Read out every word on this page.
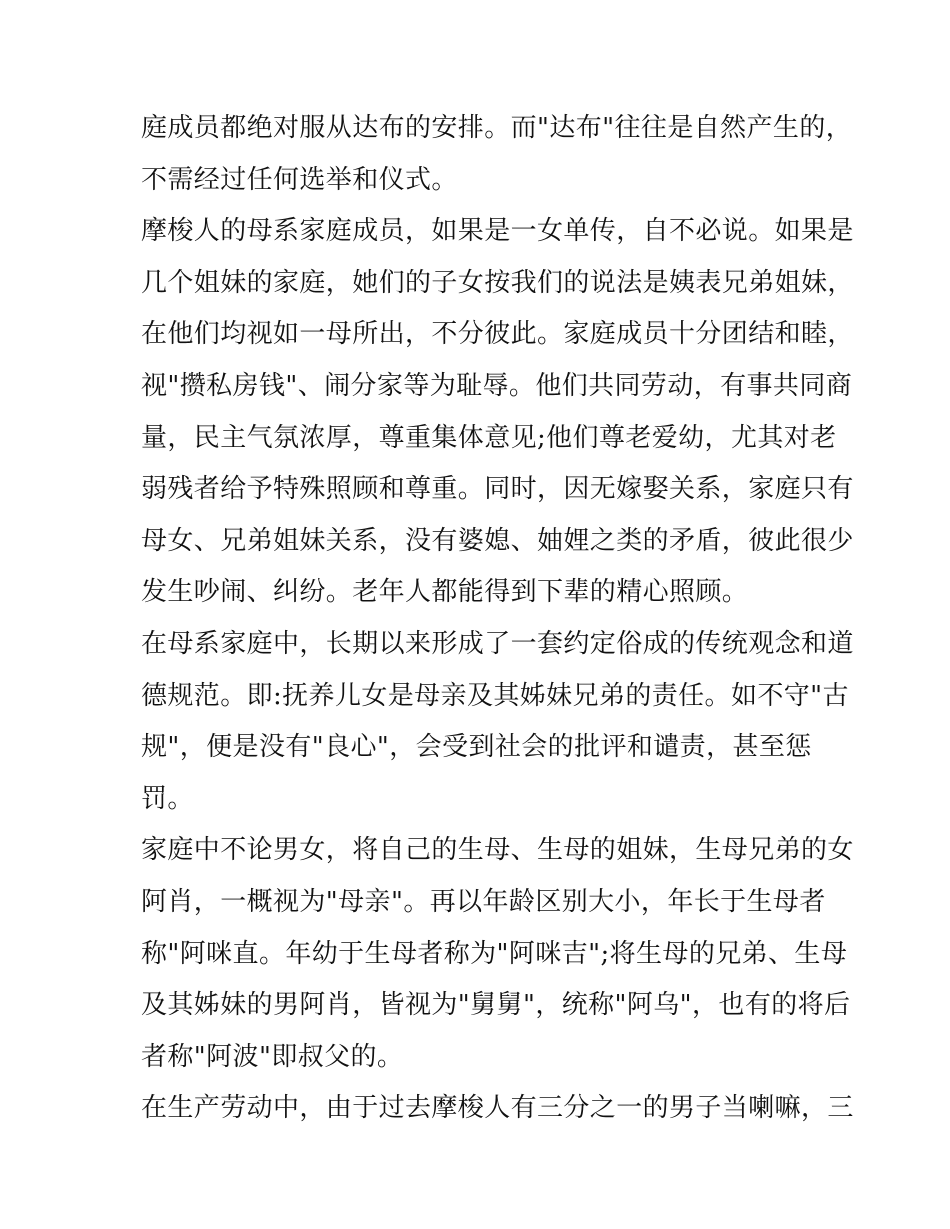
庭成员都绝对服从达布的安排。而"达布"往往是自然产生的，
不需经过任何选举和仪式。
摩梭人的母系家庭成员，如果是一女单传，自不必说。如果是
几个姐妹的家庭，她们的子女按我们的说法是姨表兄弟姐妹，
在他们均视如一母所出，不分彼此。家庭成员十分团结和睦，
视"攒私房钱"、闹分家等为耻辱。他们共同劳动，有事共同商
量，民主气氛浓厚，尊重集体意见;他们尊老爱幼，尤其对老
弱残者给予特殊照顾和尊重。同时，因无嫁娶关系，家庭只有
母女、兄弟姐妹关系，没有婆媳、妯娌之类的矛盾，彼此很少
发生吵闹、纠纷。老年人都能得到下辈的精心照顾。
在母系家庭中，长期以来形成了一套约定俗成的传统观念和道
德规范。即:抚养儿女是母亲及其姊妹兄弟的责任。如不守"古
规"，便是没有"良心"，会受到社会的批评和谴责，甚至惩
罚。
家庭中不论男女，将自己的生母、生母的姐妹，生母兄弟的女
阿肖，一概视为"母亲"。再以年龄区别大小，年长于生母者
称"阿咪直。年幼于生母者称为"阿咪吉";将生母的兄弟、生母
及其姊妹的男阿肖，皆视为"舅舅"，统称"阿乌"，也有的将后
者称"阿波"即叔父的。
在生产劳动中，由于过去摩梭人有三分之一的男子当喇嘛，三
